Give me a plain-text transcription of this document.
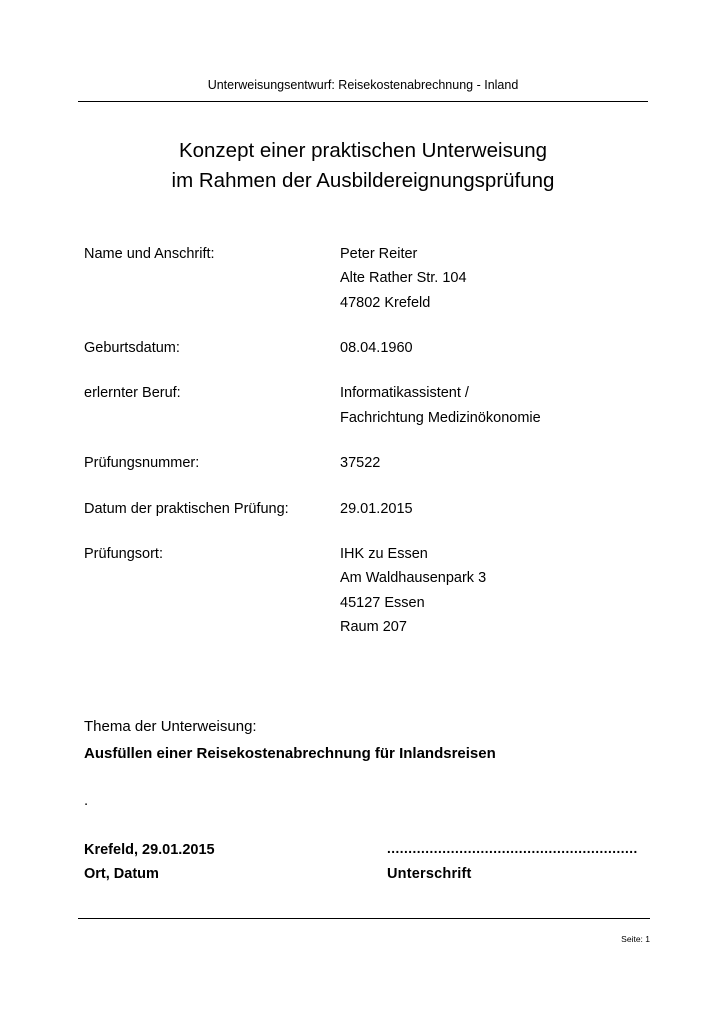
Unterweisungsentwurf: Reisekostenabrechnung - Inland
Konzept einer praktischen Unterweisung
im Rahmen der Ausbildereignungsprüfung
Name und Anschrift:	Peter Reiter
Alte Rather Str. 104
47802 Krefeld
Geburtsdatum:	08.04.1960
erlernter Beruf:	Informatikassistent /
Fachrichtung Medizinökonomie
Prüfungsnummer:	37522
Datum der praktischen Prüfung:	29.01.2015
Prüfungsort:	IHK zu Essen
Am Waldhausenpark 3
45127 Essen
Raum 207
Thema der Unterweisung:
Ausfüllen einer Reisekostenabrechnung für Inlandsreisen
.
Krefeld, 29.01.2015	...........................................................
Ort, Datum	Unterschrift
Seite: 1
